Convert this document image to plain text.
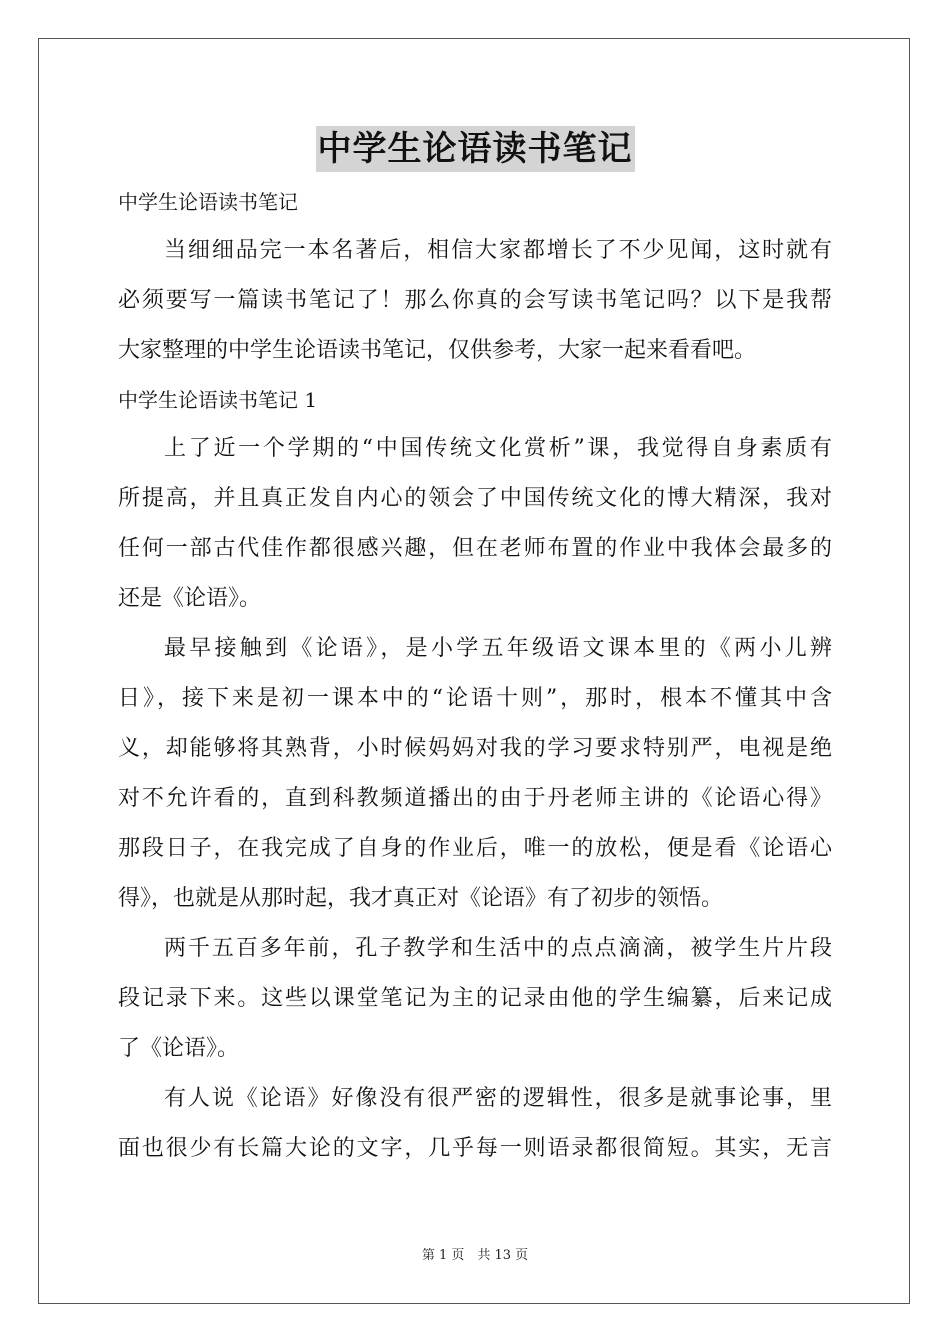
中学生论语读书笔记
中学生论语读书笔记
当细细品完一本名著后，相信大家都增长了不少见闻，这时就有
必须要写一篇读书笔记了！那么你真的会写读书笔记吗？以下是我帮
大家整理的中学生论语读书笔记，仅供参考，大家一起来看看吧。
中学生论语读书笔记 1
上了近一个学期的“中国传统文化赏析”课，我觉得自身素质有
所提高，并且真正发自内心的领会了中国传统文化的博大精深，我对
任何一部古代佳作都很感兴趣，但在老师布置的作业中我体会最多的
还是《论语》。
最早接触到《论语》，是小学五年级语文课本里的《两小儿辨
日》，接下来是初一课本中的“论语十则”，那时，根本不懂其中含
义，却能够将其熟背，小时候妈妈对我的学习要求特别严，电视是绝
对不允许看的，直到科教频道播出的由于丹老师主讲的《论语心得》
那段日子，在我完成了自身的作业后，唯一的放松，便是看《论语心
得》，也就是从那时起，我才真正对《论语》有了初步的领悟。
两千五百多年前，孔子教学和生活中的点点滴滴，被学生片片段
段记录下来。这些以课堂笔记为主的记录由他的学生编纂，后来记成
了《论语》。
有人说《论语》好像没有很严密的逻辑性，很多是就事论事，里
面也很少有长篇大论的文字，几乎每一则语录都很简短。其实，无言
第 1 页　共 13 页
